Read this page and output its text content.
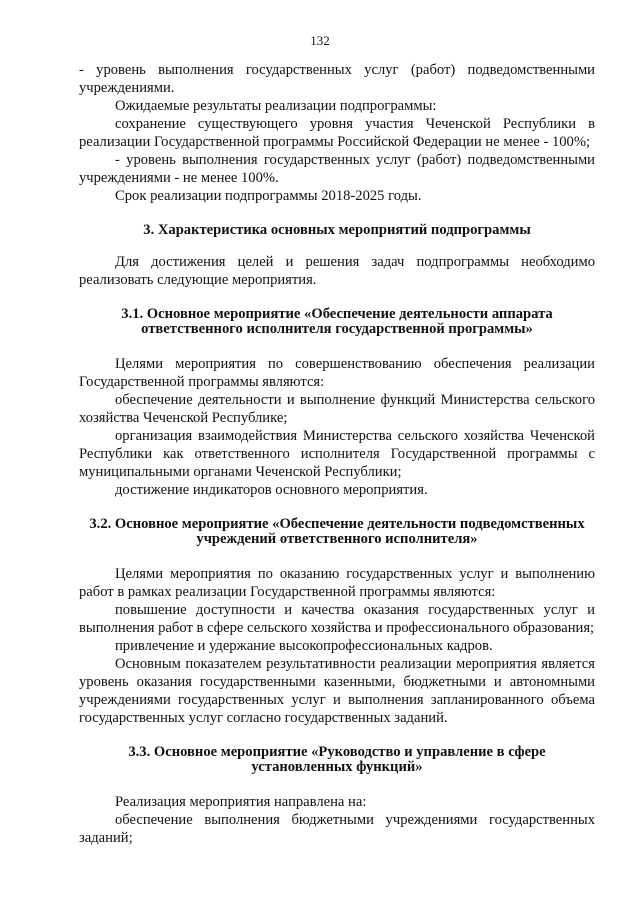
132

- уровень выполнения государственных услуг (работ) подведомственными учреждениями.

Ожидаемые результаты реализации подпрограммы:

сохранение существующего уровня участия Чеченской Республики в реализации Государственной программы Российской Федерации не менее - 100%;

- уровень выполнения государственных услуг (работ) подведомственными учреждениями - не менее 100%.

Срок реализации подпрограммы 2018-2025 годы.

3. Характеристика основных мероприятий подпрограммы

Для достижения целей и решения задач подпрограммы необходимо реализовать следующие мероприятия.

3.1. Основное мероприятие «Обеспечение деятельности аппарата ответственного исполнителя государственной программы»

Целями мероприятия по совершенствованию обеспечения реализации Государственной программы являются:

обеспечение деятельности и выполнение функций Министерства сельского хозяйства Чеченской Республике;

организация взаимодействия Министерства сельского хозяйства Чеченской Республики как ответственного исполнителя Государственной программы с муниципальными органами Чеченской Республики;

достижение индикаторов основного мероприятия.

3.2. Основное мероприятие «Обеспечение деятельности подведомственных учреждений ответственного исполнителя»

Целями мероприятия по оказанию государственных услуг и выполнению работ в рамках реализации Государственной программы являются:

повышение доступности и качества оказания государственных услуг и выполнения работ в сфере сельского хозяйства и профессионального образования;

привлечение и удержание высокопрофессиональных кадров.

Основным показателем результативности реализации мероприятия является уровень оказания государственными казенными, бюджетными и автономными учреждениями государственных услуг и выполнения запланированного объема государственных услуг согласно государственных заданий.

3.3. Основное мероприятие «Руководство и управление в сфере установленных функций»

Реализация мероприятия направлена на:

обеспечение выполнения бюджетными учреждениями государственных заданий;
